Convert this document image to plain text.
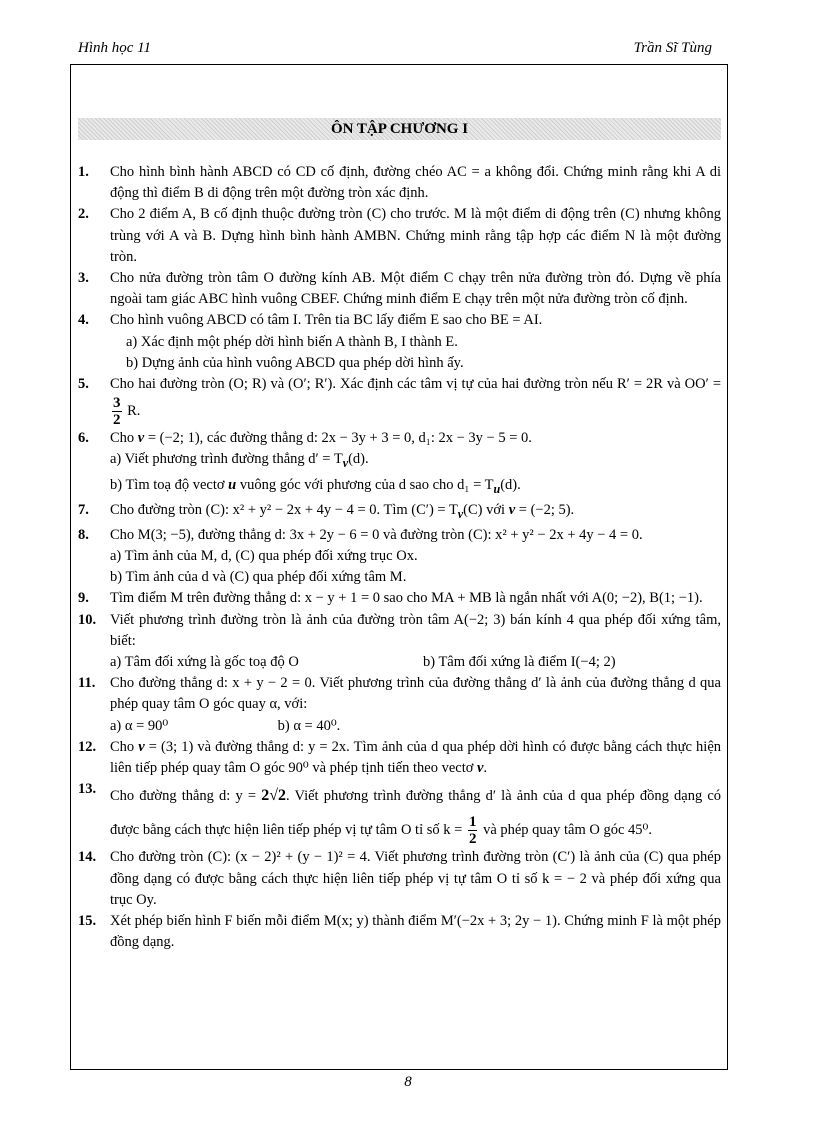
Hình học 11	Trần Sĩ Tùng
ÔN TẬP CHƯƠNG I
1. Cho hình bình hành ABCD có CD cố định, đường chéo AC = a không đổi. Chứng minh rằng khi A di động thì điểm B di động trên một đường tròn xác định.
2. Cho 2 điểm A, B cố định thuộc đường tròn (C) cho trước. M là một điểm di động trên (C) nhưng không trùng với A và B. Dựng hình bình hành AMBN. Chứng minh rằng tập hợp các điểm N là một đường tròn.
3. Cho nửa đường tròn tâm O đường kính AB. Một điểm C chạy trên nửa đường tròn đó. Dựng về phía ngoài tam giác ABC hình vuông CBEF. Chứng minh điểm E chạy trên một nửa đường tròn cố định.
4. Cho hình vuông ABCD có tâm I. Trên tia BC lấy điểm E sao cho BE = AI.
a) Xác định một phép dời hình biến A thành B, I thành E.
b) Dựng ảnh của hình vuông ABCD qua phép dời hình ấy.
5. Cho hai đường tròn (O; R) và (O′; R′). Xác định các tâm vị tự của hai đường tròn nếu R′ = 2R và OO′ =
$\frac{3}{2} R$.
6. Cho v = (−2; 1), các đường thẳng d: 2x − 3y + 3 = 0, d₁: 2x − 3y − 5 = 0.
a) Viết phương trình đường thẳng $d' = T_v(d)$.
b) Tìm toạ độ vectơ u vuông góc với phương của d sao cho $d_1 = T_u(d)$.
7. Cho đường tròn (C): x² + y² − 2x + 4y − 4 = 0. Tìm $(C') = T_v(C)$ với v = (−2; 5).
8. Cho M(3; −5), đường thẳng d: 3x + 2y − 6 = 0 và đường tròn (C): x² + y² − 2x + 4y − 4 = 0.
a) Tìm ảnh của M, d, (C) qua phép đối xứng trục Ox.
b) Tìm ảnh của d và (C) qua phép đối xứng tâm M.
9. Tìm điểm M trên đường thẳng d: x − y + 1 = 0 sao cho MA + MB là ngắn nhất với A(0; −2), B(1; −1).
10. Viết phương trình đường tròn là ảnh của đường tròn tâm A(−2; 3) bán kính 4 qua phép đối xứng tâm, biết:
a) Tâm đối xứng là gốc toạ độ O	b) Tâm đối xứng là điểm I(−4; 2)
11. Cho đường thẳng d: x + y − 2 = 0. Viết phương trình của đường thẳng d′ là ảnh của đường thẳng d qua phép quay tâm O góc quay α, với:
a) α = 90⁰	b) α = 40⁰.
12. Cho v = (3; 1) và đường thẳng d: y = 2x. Tìm ảnh của d qua phép dời hình có được bằng cách thực hiện liên tiếp phép quay tâm O góc 90⁰ và phép tịnh tiến theo vectơ v.
13. Cho đường thẳng d: y = 2√2. Viết phương trình đường thẳng d′ là ảnh của d qua phép đồng dạng có được bằng cách thực hiện liên tiếp phép vị tự tâm O tỉ số $k = \frac{1}{2}$ và phép quay tâm O góc 45⁰.
14. Cho đường tròn (C): (x − 2)² + (y − 1)² = 4. Viết phương trình đường tròn (C′) là ảnh của (C) qua phép đồng dạng có được bằng cách thực hiện liên tiếp phép vị tự tâm O tỉ số k = − 2 và phép đối xứng qua trục Oy.
15. Xét phép biến hình F biến mỗi điểm M(x; y) thành điểm M′(−2x + 3; 2y − 1). Chứng minh F là một phép đồng dạng.
8
